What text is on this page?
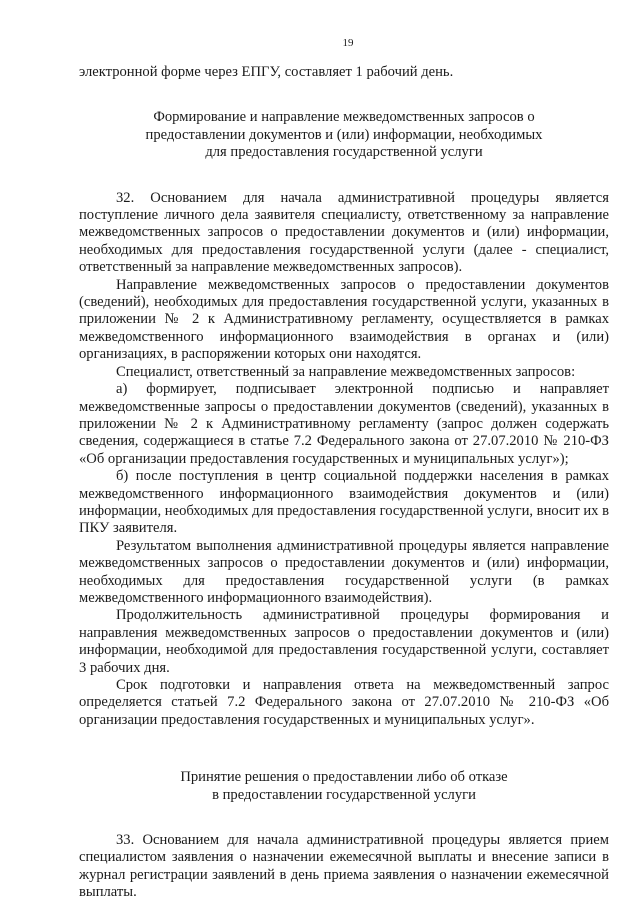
19

электронной форме через ЕПГУ, составляет 1 рабочий день.

Формирование и направление межведомственных запросов о
предоставлении документов и (или) информации, необходимых
для предоставления государственной услуги

32. Основанием для начала административной процедуры является поступление личного дела заявителя специалисту, ответственному за направление межведомственных запросов о предоставлении документов и (или) информации, необходимых для предоставления государственной услуги (далее - специалист, ответственный за направление межведомственных запросов).

Направление межведомственных запросов о предоставлении документов (сведений), необходимых для предоставления государственной услуги, указанных в приложении № 2 к Административному регламенту, осуществляется в рамках межведомственного информационного взаимодействия в органах и (или) организациях, в распоряжении которых они находятся.

Специалист, ответственный за направление межведомственных запросов:

а) формирует, подписывает электронной подписью и направляет межведомственные запросы о предоставлении документов (сведений), указанных в приложении № 2 к Административному регламенту (запрос должен содержать сведения, содержащиеся в статье 7.2 Федерального закона от 27.07.2010 № 210-ФЗ «Об организации предоставления государственных и муниципальных услуг»);

б) после поступления в центр социальной поддержки населения в рамках межведомственного информационного взаимодействия документов и (или) информации, необходимых для предоставления государственной услуги, вносит их в ПКУ заявителя.

Результатом выполнения административной процедуры является направление межведомственных запросов о предоставлении документов и (или) информации, необходимых для предоставления государственной услуги (в рамках межведомственного информационного взаимодействия).

Продолжительность административной процедуры формирования и направления межведомственных запросов о предоставлении документов и (или) информации, необходимой для предоставления государственной услуги, составляет 3 рабочих дня.

Срок подготовки и направления ответа на межведомственный запрос определяется статьей 7.2 Федерального закона от 27.07.2010 № 210-ФЗ «Об организации предоставления государственных и муниципальных услуг».

Принятие решения о предоставлении либо об отказе
в предоставлении государственной услуги

33. Основанием для начала административной процедуры является прием специалистом заявления о назначении ежемесячной выплаты и внесение записи в журнал регистрации заявлений в день приема заявления о назначении ежемесячной выплаты.
